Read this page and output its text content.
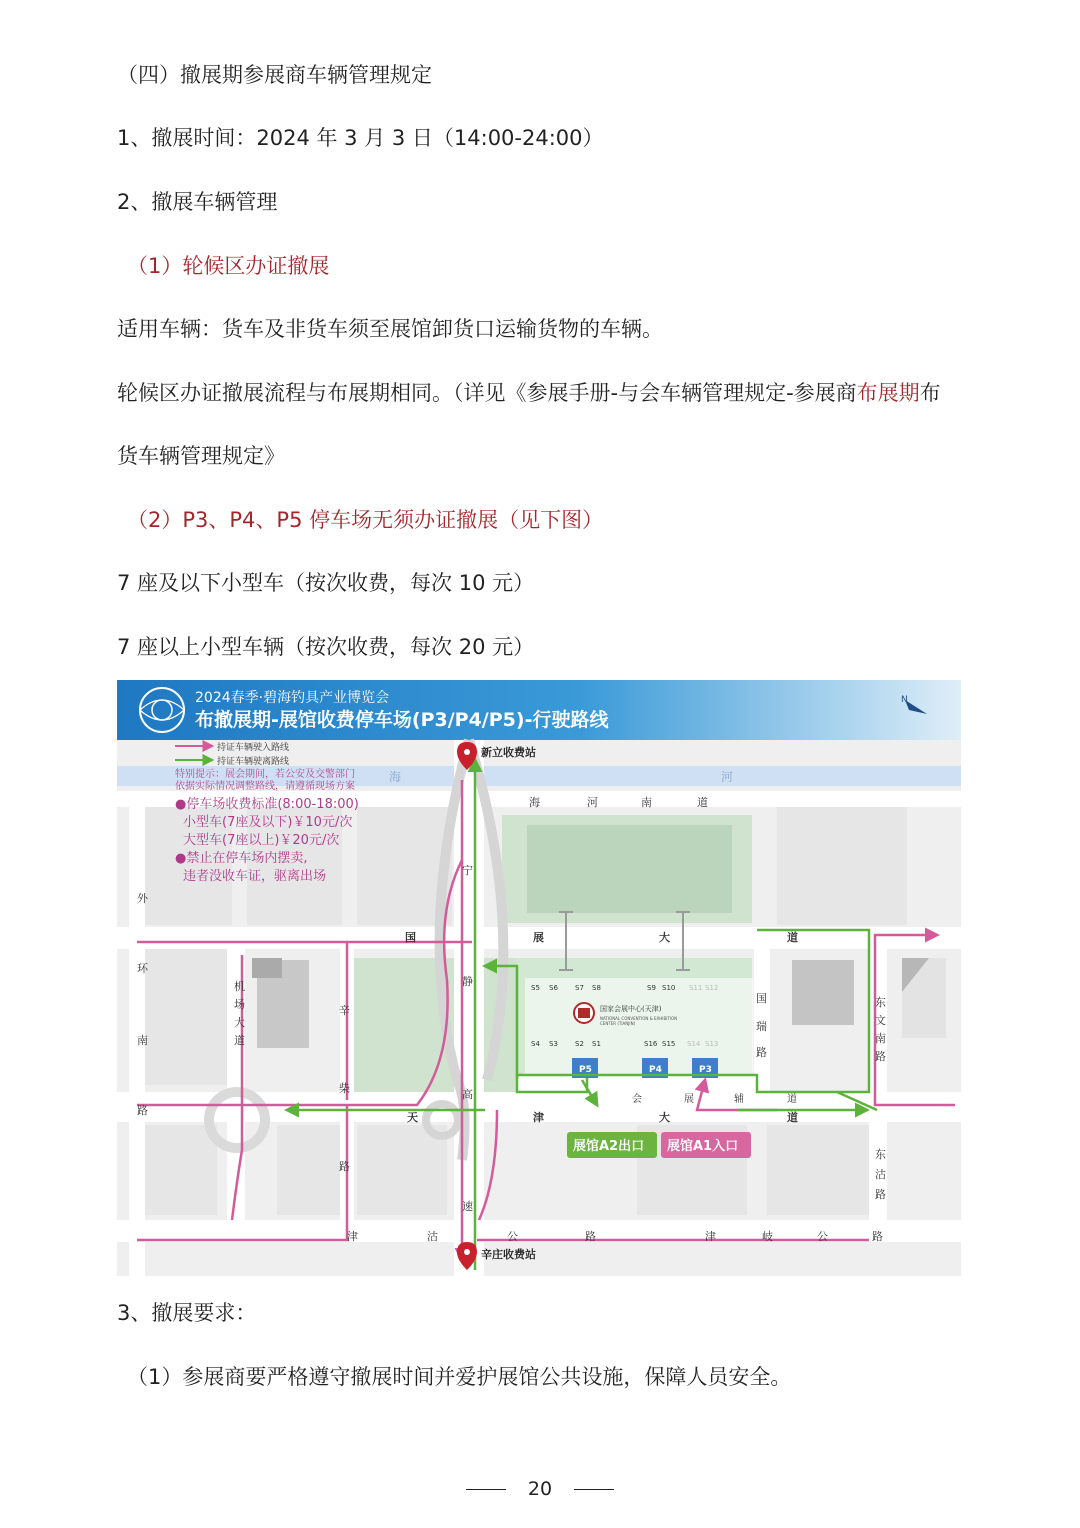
（四）撤展期参展商车辆管理规定
1、撤展时间：2024 年 3 月 3 日（14:00-24:00）
2、撤展车辆管理
（1）轮候区办证撤展
适用车辆：货车及非货车须至展馆卸货口运输货物的车辆。
轮候区办证撤展流程与布展期相同。（详见《参展手册-与会车辆管理规定-参展商布展期布
货车辆管理规定》
（2）P3、P4、P5 停车场无须办证撤展（见下图）
7 座及以下小型车（按次收费，每次 10 元）
7 座以上小型车辆（按次收费，每次 20 元）
2024春季·碧海钓具产业博览会
布撤展期-展馆收费停车场(P3/P4/P5)-行驶路线
N
海	河
S5 S6 S7 S8	S9 S10 S11 S12
S4 S3 S2 S1	S16 S15 S14 S13
国家会展中心(天津)
NATIONAL CONVENTION & EXHIBITION
CENTER (TIANJIN)
P5	P4	P3
持证车辆驶入路线
持证车辆驶离路线
特别提示：展会期间，若公安及交警部门
依据实际情况调整路线，请遵循现场方案
●停车场收费标准(8:00-18:00)
小型车(7座及以下)￥10元/次
大型车(7座以上)￥20元/次
●禁止在停车场内摆卖,
违者没收车证，驱离出场
新立收费站
辛庄收费站
展馆A2出口 展馆A1入口
海	河	南	道
国	展	大	道
天	津	大	道
会	展	辅	道
津	沽	公	路	津	岐	公	路
外
环
南
路
机
场
大
道
辛
柴
路
宁
静
高
速
国
瑞
路
东
文
南
路
东
沽
路
3、撤展要求：
（1）参展商要严格遵守撤展时间并爱护展馆公共设施，保障人员安全。
20
